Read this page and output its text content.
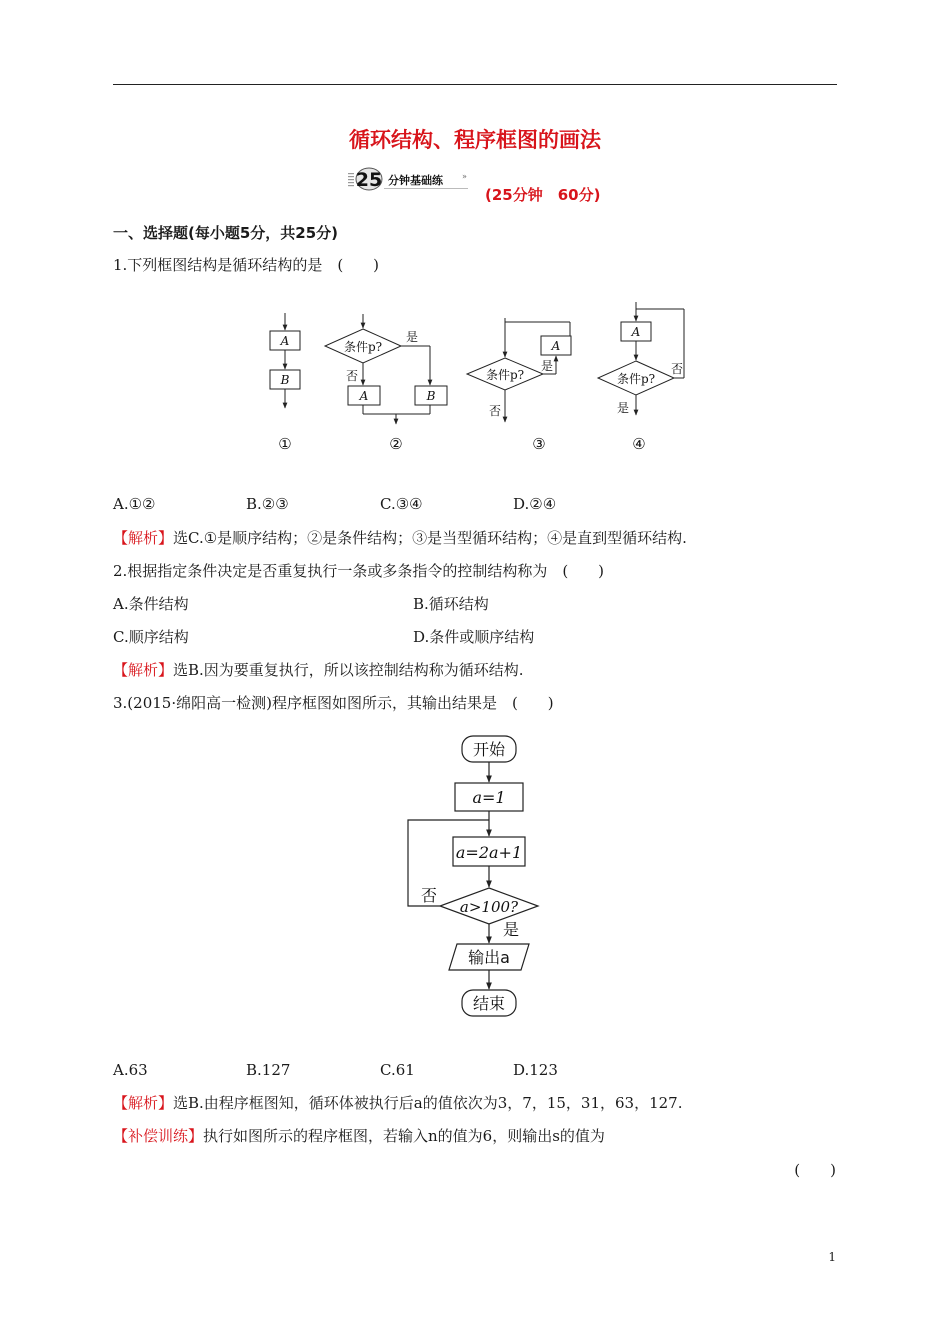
循环结构、程序框图的画法
25 分钟基础练 »
(25分钟　60分)
一、选择题(每小题5分，共25分)
1.下列框图结构是循环结构的是　(　　)
A
B
A	B
A
A
条件p?
是
否	条件p?
是
否
条件p?
否
是
①	②	③	④
A.①②	B.②③	C.③④	D.②④
【解析】选C.①是顺序结构；②是条件结构；③是当型循环结构；④是直到型循环结构.
2.根据指定条件决定是否重复执行一条或多条指令的控制结构称为　(　　)
A.条件结构	B.循环结构
C.顺序结构	D.条件或顺序结构
【解析】选B.因为要重复执行，所以该控制结构称为循环结构.
3.(2015·绵阳高一检测)程序框图如图所示，其输出结果是　(　　)
开始
a=1
a=2a+1
a>100?
否
是
输出a
结束
A.63	B.127	C.61	D.123
【解析】选B.由程序框图知，循环体被执行后a的值依次为3，7，15，31，63，127.
【补偿训练】执行如图所示的程序框图，若输入n的值为6，则输出s的值为
(　　)
1
